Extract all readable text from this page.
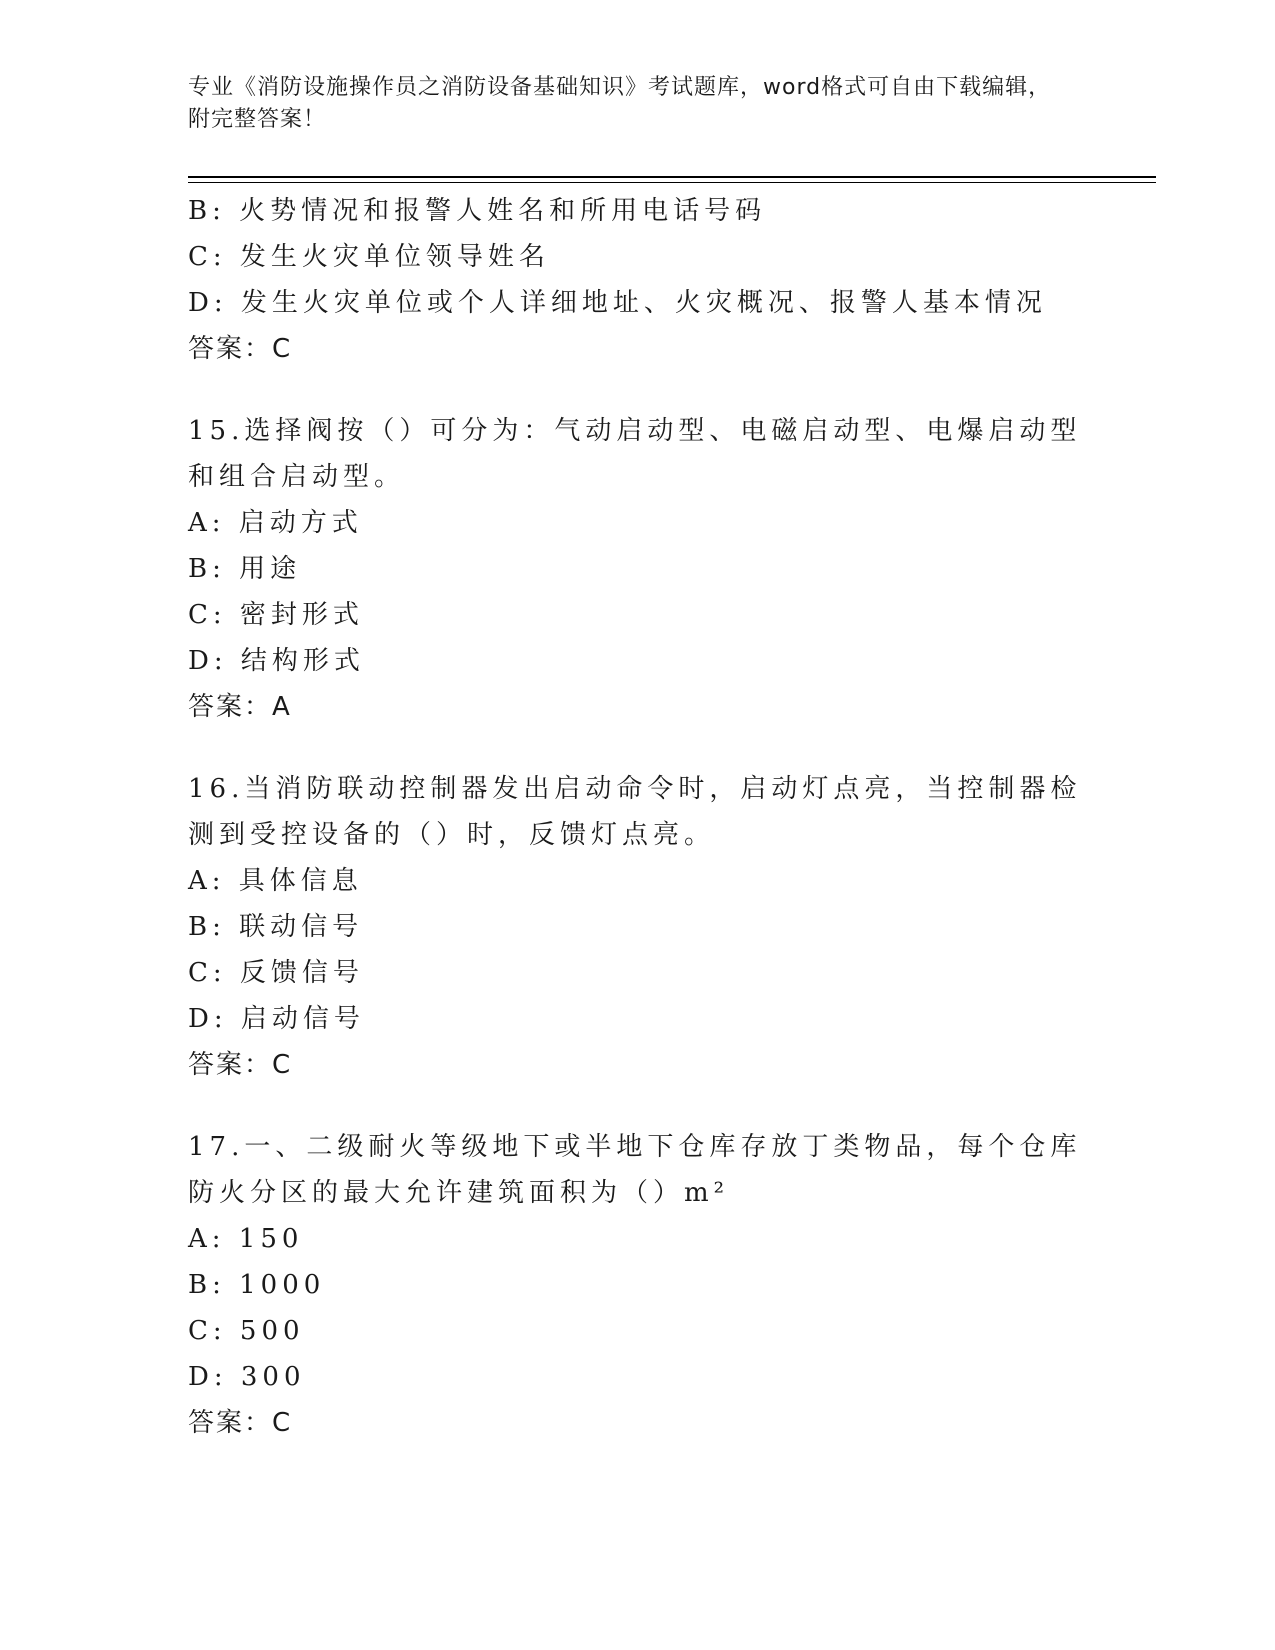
专业《消防设施操作员之消防设备基础知识》考试题库，word格式可自由下载编辑，附完整答案！
B: 火势情况和报警人姓名和所用电话号码
C: 发生火灾单位领导姓名
D: 发生火灾单位或个人详细地址、火灾概况、报警人基本情况
答案：C
15.选择阀按（）可分为：气动启动型、电磁启动型、电爆启动型和组合启动型。
A: 启动方式
B: 用途
C: 密封形式
D: 结构形式
答案：A
16.当消防联动控制器发出启动命令时，启动灯点亮，当控制器检测到受控设备的（）时，反馈灯点亮。
A: 具体信息
B: 联动信号
C: 反馈信号
D: 启动信号
答案：C
17.一、二级耐火等级地下或半地下仓库存放丁类物品，每个仓库防火分区的最大允许建筑面积为（）m²
A: 150
B: 1000
C: 500
D: 300
答案：C
